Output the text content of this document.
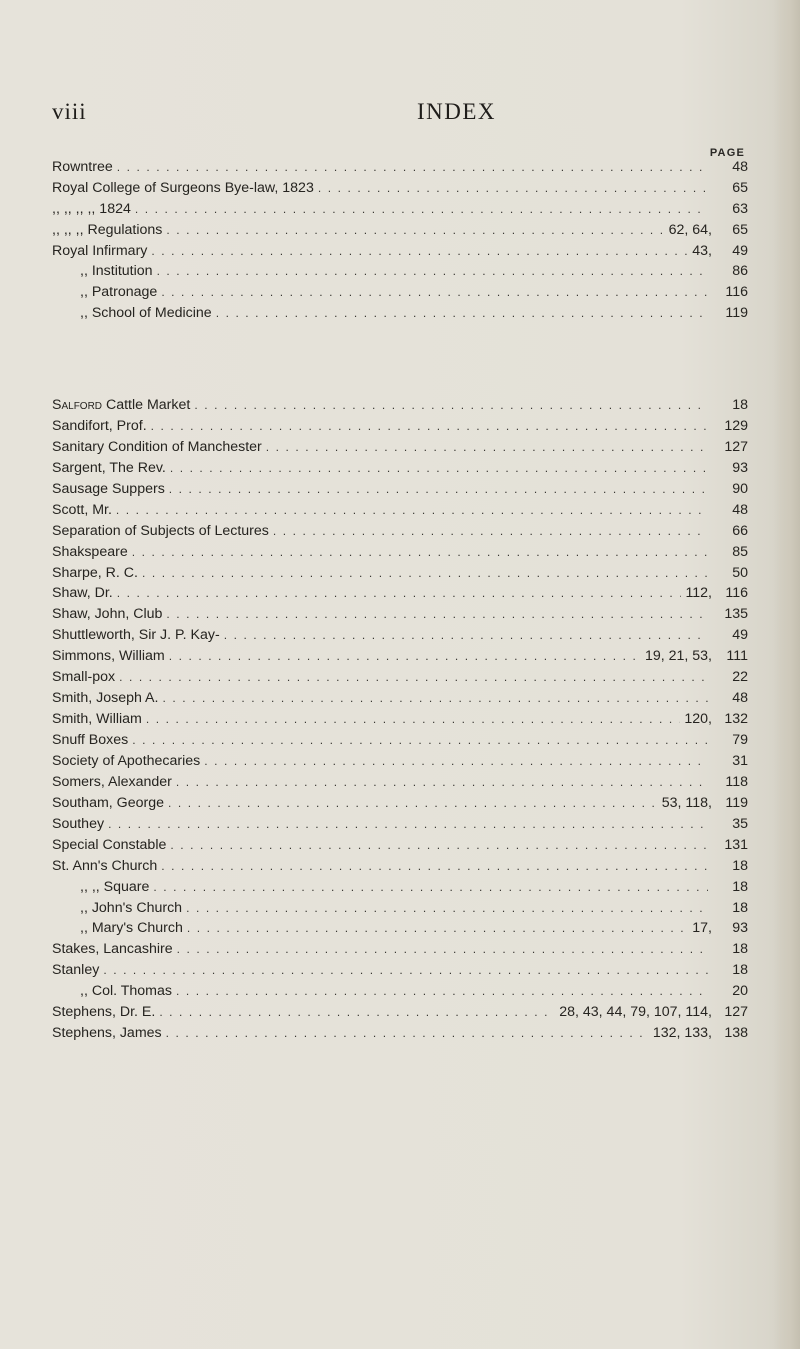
viii	INDEX
PAGE
Rowntree . . .	48
Royal College of Surgeons Bye-law, 1823 . . .	65
,, ,, ,, ,, 1824 . . .	63
,, ,, ,, Regulations . . .	62, 64, 65
Royal Infirmary . . .	43, 49
,, Institution . . .	86
,, Patronage . . .	116
,, School of Medicine . . .	119
Salford Cattle Market . . .	18
Sandifort, Prof. . . .	129
Sanitary Condition of Manchester . . .	127
Sargent, The Rev. . . .	93
Sausage Suppers . . .	90
Scott, Mr. . . .	48
Separation of Subjects of Lectures . . .	66
Shakspeare . . .	85
Sharpe, R. C. . . .	50
Shaw, Dr. . . .	112, 116
Shaw, John, Club . . .	135
Shuttleworth, Sir J. P. Kay- . . .	49
Simmons, William . . .	19, 21, 53, 111
Small-pox . . .	22
Smith, Joseph A. . . .	48
Smith, William . . .	120, 132
Snuff Boxes . . .	79
Society of Apothecaries . . .	31
Somers, Alexander . . .	118
Southam, George . . .	53, 118, 119
Southey . . .	35
Special Constable . . .	131
St. Ann's Church . . .	18
,, ,, Square . . .	18
,, John's Church . . .	18
,, Mary's Church . . .	17, 93
Stakes, Lancashire . . .	18
Stanley . . .	18
,, Col. Thomas . . .	20
Stephens, Dr. E. . . .	28, 43, 44, 79, 107, 114, 127
Stephens, James . . .	132, 133, 138
